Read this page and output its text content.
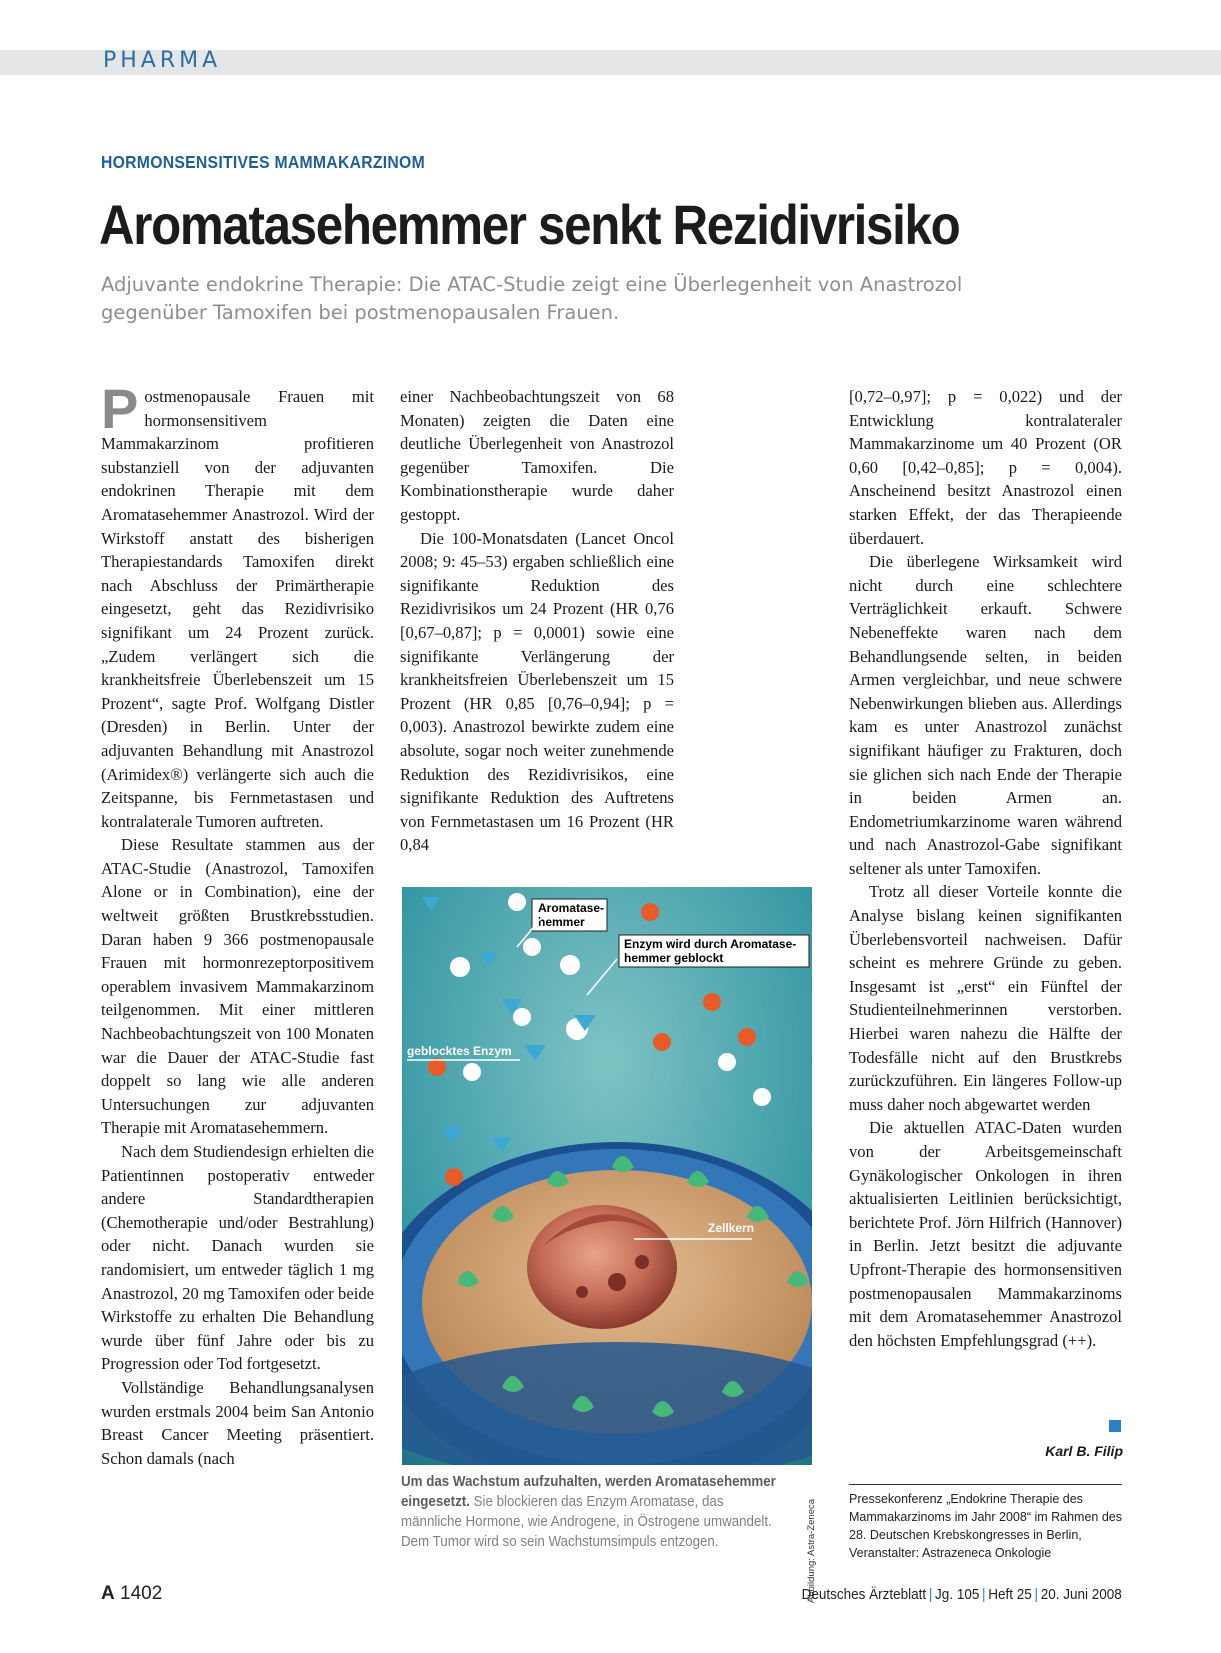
PHARMA
HORMONSENSITIVES MAMMAKARZINOM
Aromatasehemmer senkt Rezidivrisiko
Adjuvante endokrine Therapie: Die ATAC-Studie zeigt eine Überlegenheit von Anastrozol gegenüber Tamoxifen bei postmenopausalen Frauen.

Postmenopausale Frauen mit hormonsensitivem Mammakarzinom profitieren substanziell von der adjuvanten endokrinen Therapie mit dem Aromatasehemmer Anastrozol. Wird der Wirkstoff anstatt des bisherigen Therapiestandards Tamoxifen direkt nach Abschluss der Primärtherapie eingesetzt, geht das Rezidivrisiko signifikant um 24 Prozent zurück. „Zudem verlängert sich die krankheitsfreie Überlebenszeit um 15 Prozent“, sagte Prof. Wolfgang Distler (Dresden) in Berlin. Unter der adjuvanten Behandlung mit Anastrozol (Arimidex®) verlängerte sich auch die Zeitspanne, bis Fernmetastasen und kontralaterale Tumoren auftreten.

Diese Resultate stammen aus der ATAC-Studie (Anastrozol, Tamoxifen Alone or in Combination), eine der weltweit größten Brustkrebsstudien. Daran haben 9 366 postmenopausale Frauen mit hormonrezeptorpositivem operablem invasivem Mammakarzinom teilgenommen. Mit einer mittleren Nachbeobachtungszeit von 100 Monaten war die Dauer der ATAC-Studie fast doppelt so lang wie alle anderen Untersuchungen zur adjuvanten Therapie mit Aromatasehemmern.

Nach dem Studiendesign erhielten die Patientinnen postoperativ entweder andere Standardtherapien (Chemotherapie und/oder Bestrahlung) oder nicht. Danach wurden sie randomisiert, um entweder täglich 1 mg Anastrozol, 20 mg Tamoxifen oder beide Wirkstoffe zu erhalten Die Behandlung wurde über fünf Jahre oder bis zu Progression oder Tod fortgesetzt.

Vollständige Behandlungsanalysen wurden erstmals 2004 beim San Antonio Breast Cancer Meeting präsentiert. Schon damals (nach

einer Nachbeobachtungszeit von 68 Monaten) zeigten die Daten eine deutliche Überlegenheit von Anastrozol gegenüber Tamoxifen. Die Kombinationstherapie wurde daher gestoppt.

Die 100-Monatsdaten (Lancet Oncol 2008; 9: 45–53) ergaben schließlich eine signifikante Reduktion des Rezidivrisikos um 24 Prozent (HR 0,76 [0,67–0,87]; p = 0,0001) sowie eine signifikante Verlängerung der krankheitsfreien Überlebenszeit um 15 Prozent (HR 0,85 [0,76–0,94]; p = 0,003). Anastrozol bewirkte zudem eine absolute, sogar noch weiter zunehmende Reduktion des Rezidivrisikos, eine signifikante Reduktion des Auftretens von Fernmetastasen um 16 Prozent (HR 0,84

[0,72–0,97]; p = 0,022) und der Entwicklung kontralateraler Mammakarzinome um 40 Prozent (OR 0,60 [0,42–0,85]; p = 0,004). Anscheinend besitzt Anastrozol einen starken Effekt, der das Therapieende überdauert.

Die überlegene Wirksamkeit wird nicht durch eine schlechtere Verträglichkeit erkauft. Schwere Nebeneffekte waren nach dem Behandlungsende selten, in beiden Armen vergleichbar, und neue schwere Nebenwirkungen blieben aus. Allerdings kam es unter Anastrozol zunächst signifikant häufiger zu Frakturen, doch sie glichen sich nach Ende der Therapie in beiden Armen an. Endometriumkarzinome waren während und nach Anastrozol-Gabe signifikant seltener als unter Tamoxifen.

Trotz all dieser Vorteile konnte die Analyse bislang keinen signifikanten Überlebensvorteil nachweisen. Dafür scheint es mehrere Gründe zu geben. Insgesamt ist „erst“ ein Fünftel der Studienteilnehmerinnen verstorben. Hierbei waren nahezu die Hälfte der Todesfälle nicht auf den Brustkrebs zurückzuführen. Ein längeres Follow-up muss daher noch abgewartet werden

Die aktuellen ATAC-Daten wurden von der Arbeitsgemeinschaft Gynäkologischer Onkologen in ihren aktualisierten Leitlinien berücksichtigt, berichtete Prof. Jörn Hilfrich (Hannover) in Berlin. Jetzt besitzt die adjuvante Upfront-Therapie des hormonsensitiven postmenopausalen Mammakarzinoms mit dem Aromatasehemmer Anastrozol den höchsten Empfehlungsgrad (++).

Aromatase-
hemmer
Enzym wird durch Aromatase-
hemmer geblockt
geblocktes Enzym
Zellkern
Abbildung: Astra-Zeneca
Um das Wachstum aufzuhalten, werden Aromatasehemmer eingesetzt. Sie blockieren das Enzym Aromatase, das männliche Hormone, wie Androgene, in Östrogene umwandelt. Dem Tumor wird so sein Wachstumsimpuls entzogen.
Karl B. Filip
Pressekonferenz „Endokrine Therapie des Mammakarzinoms im Jahr 2008“ im Rahmen des 28. Deutschen Krebskongresses in Berlin, Veranstalter: Astrazeneca Onkologie
A 1402	Deutsches Ärzteblatt | Jg. 105 | Heft 25 | 20. Juni 2008
